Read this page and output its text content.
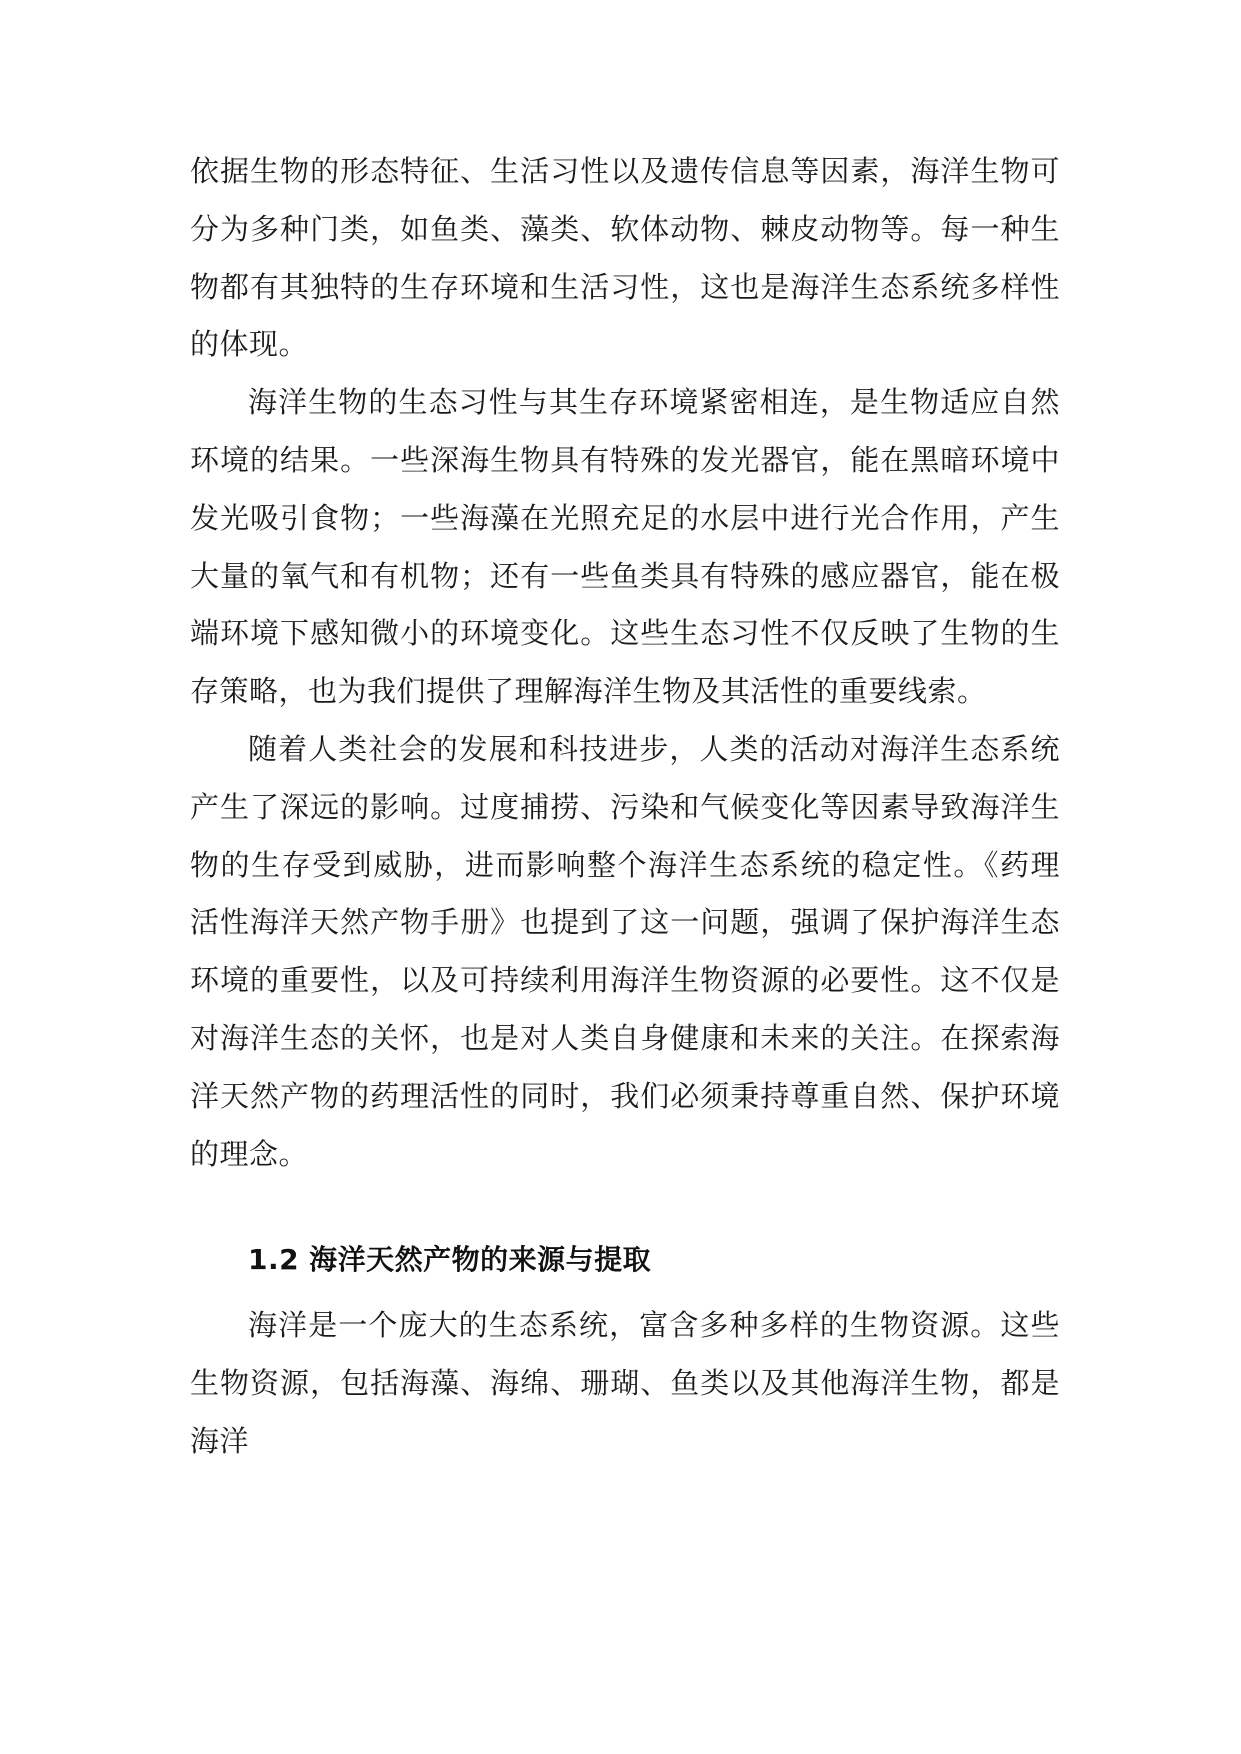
依据生物的形态特征、生活习性以及遗传信息等因素，海洋生物可分为多种门类，如鱼类、藻类、软体动物、棘皮动物等。每一种生物都有其独特的生存环境和生活习性，这也是海洋生态系统多样性的体现。

海洋生物的生态习性与其生存环境紧密相连，是生物适应自然环境的结果。一些深海生物具有特殊的发光器官，能在黑暗环境中发光吸引食物；一些海藻在光照充足的水层中进行光合作用，产生大量的氧气和有机物；还有一些鱼类具有特殊的感应器官，能在极端环境下感知微小的环境变化。这些生态习性不仅反映了生物的生存策略，也为我们提供了理解海洋生物及其活性的重要线索。

随着人类社会的发展和科技进步，人类的活动对海洋生态系统产生了深远的影响。过度捕捞、污染和气候变化等因素导致海洋生物的生存受到威胁，进而影响整个海洋生态系统的稳定性。《药理活性海洋天然产物手册》也提到了这一问题，强调了保护海洋生态环境的重要性，以及可持续利用海洋生物资源的必要性。这不仅是对海洋生态的关怀，也是对人类自身健康和未来的关注。在探索海洋天然产物的药理活性的同时，我们必须秉持尊重自然、保护环境的理念。

1.2 海洋天然产物的来源与提取

海洋是一个庞大的生态系统，富含多种多样的生物资源。这些生物资源，包括海藻、海绵、珊瑚、鱼类以及其他海洋生物，都是海洋
